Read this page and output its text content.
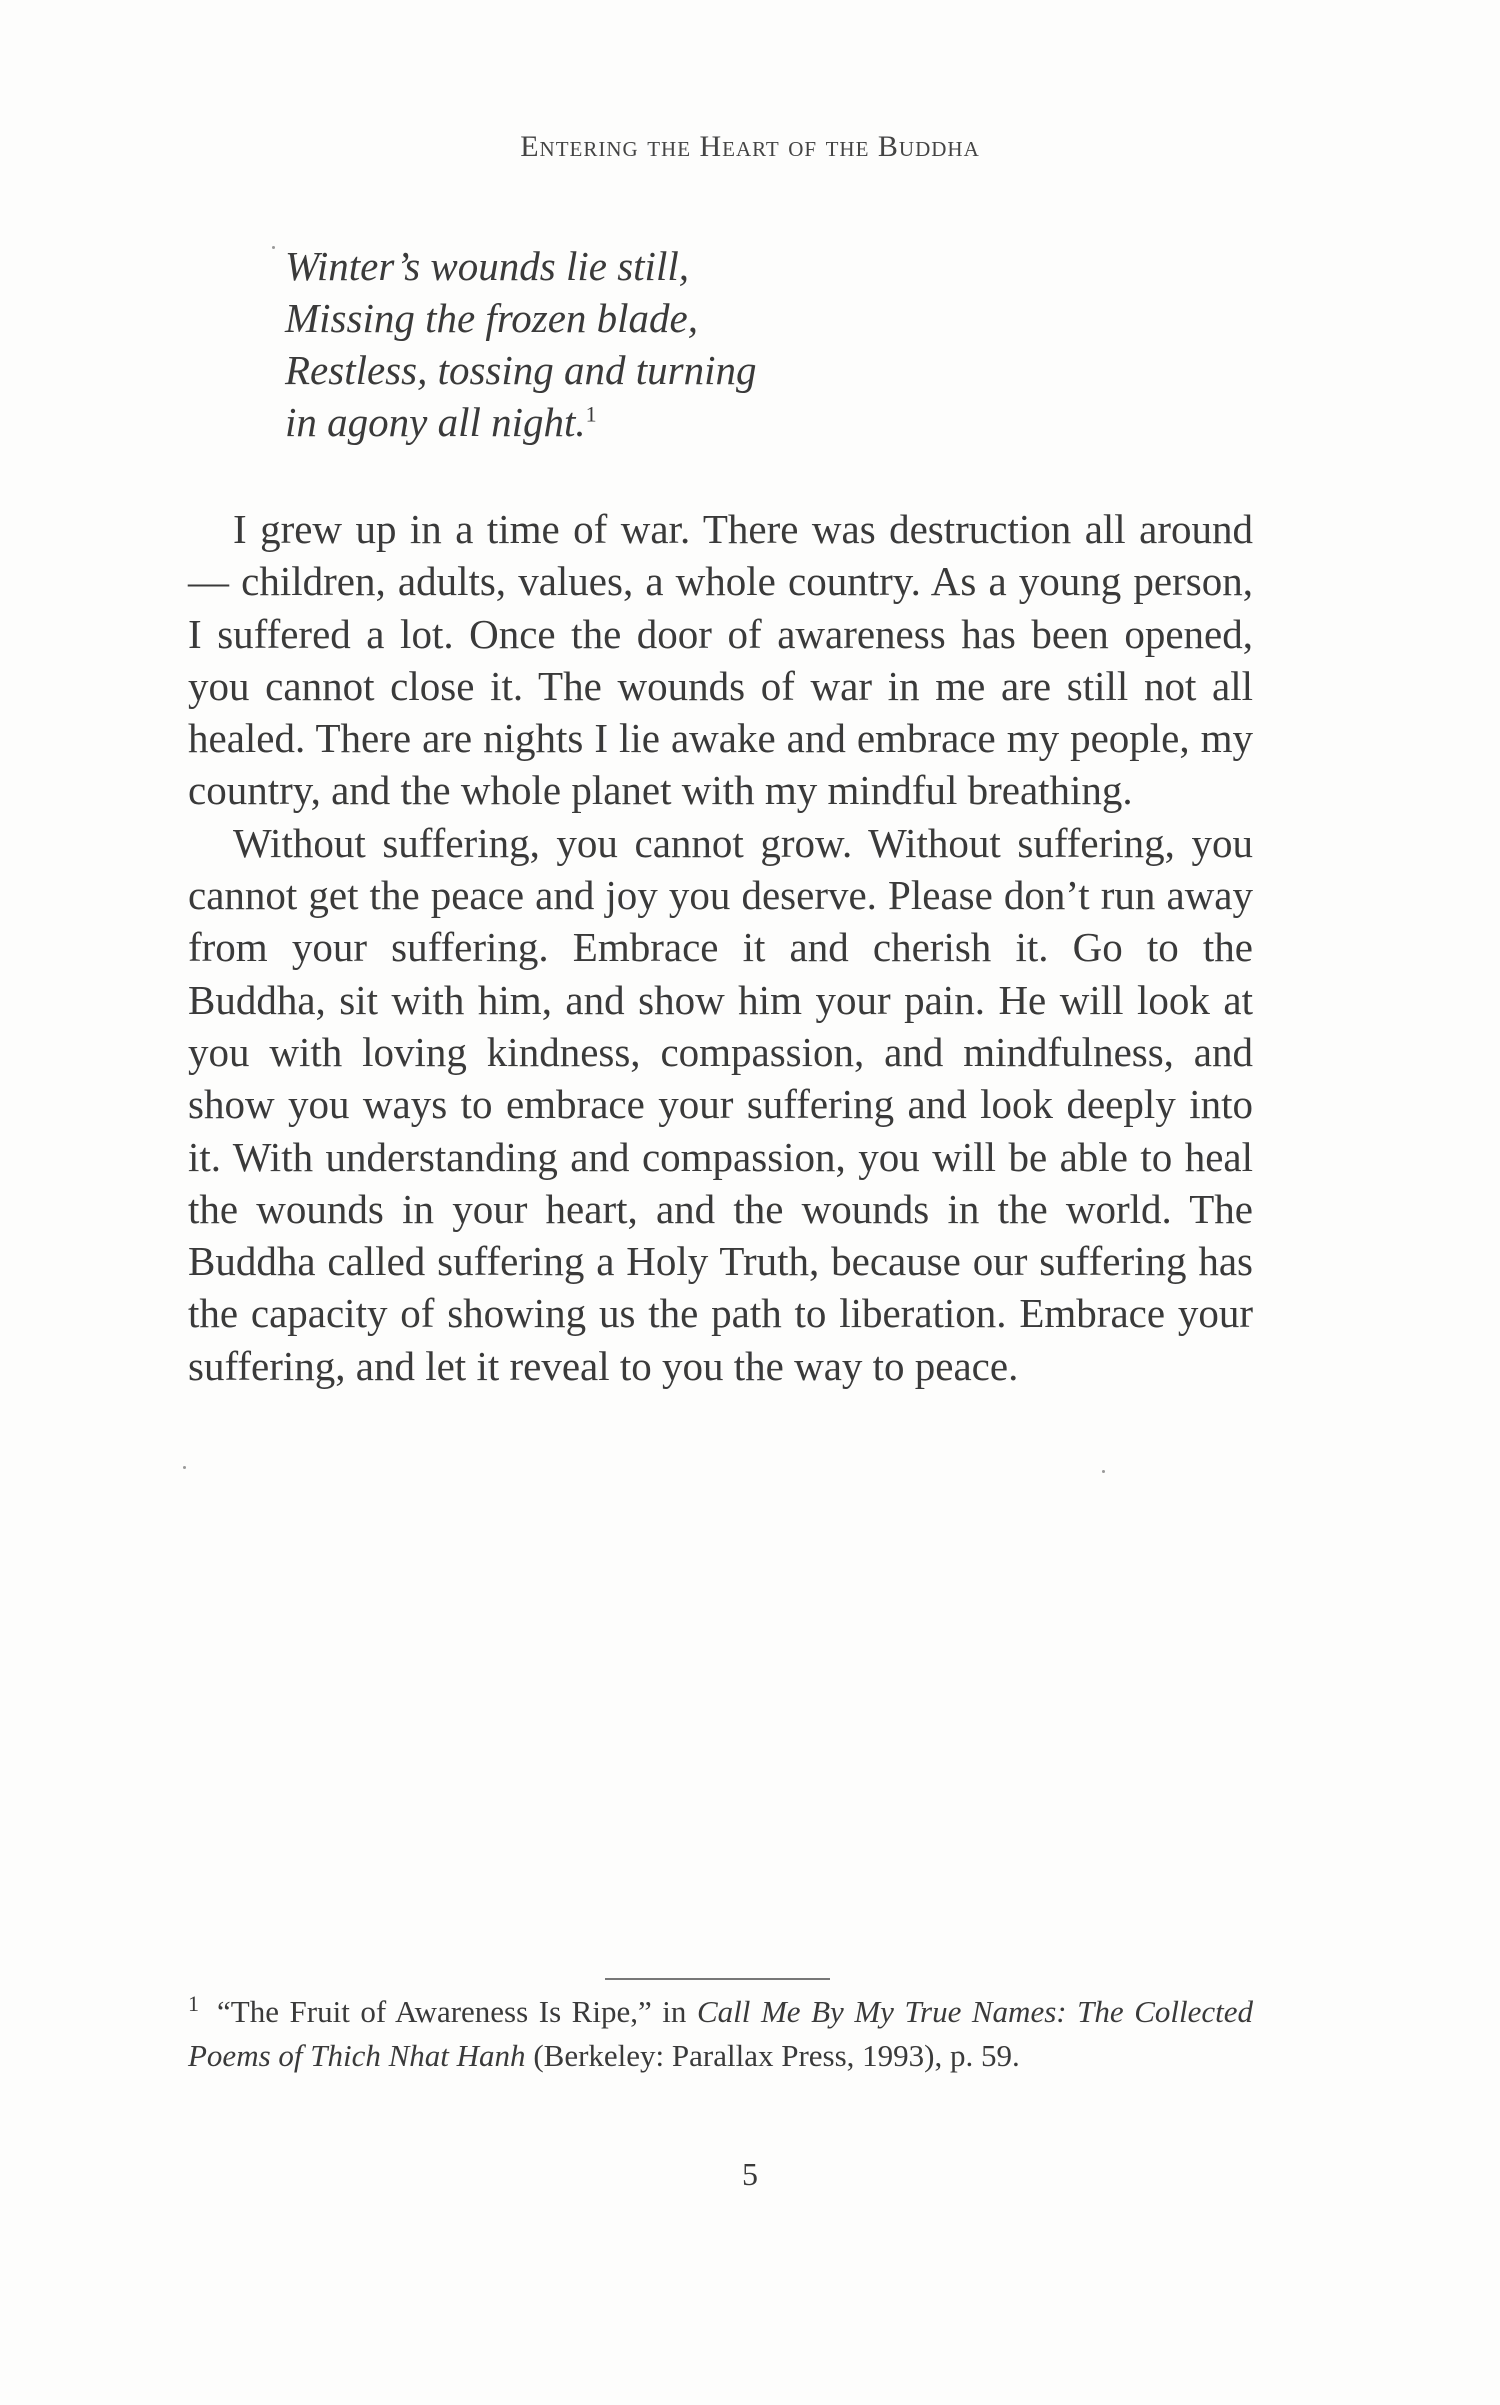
Entering the Heart of the Buddha
Winter’s wounds lie still,
Missing the frozen blade,
Restless, tossing and turning
in agony all night.$^1$

I grew up in a time of war. There was destruction all around — children, adults, values, a whole country. As a young person, I suffered a lot. Once the door of awareness has been opened, you cannot close it. The wounds of war in me are still not all healed. There are nights I lie awake and embrace my people, my country, and the whole planet with my mindful breathing.

Without suffering, you cannot grow. Without suffering, you cannot get the peace and joy you deserve. Please don’t run away from your suffering. Embrace it and cherish it. Go to the Buddha, sit with him, and show him your pain. He will look at you with loving kindness, compassion, and mindfulness, and show you ways to embrace your suffering and look deeply into it. With understanding and compassion, you will be able to heal the wounds in your heart, and the wounds in the world. The Buddha called suffering a Holy Truth, because our suffering has the capacity of showing us the path to liberation. Embrace your suffering, and let it reveal to you the way to peace.

$^1$ “The Fruit of Awareness Is Ripe,” in Call Me By My True Names: The Collected Poems of Thich Nhat Hanh (Berkeley: Parallax Press, 1993), p. 59.
5
